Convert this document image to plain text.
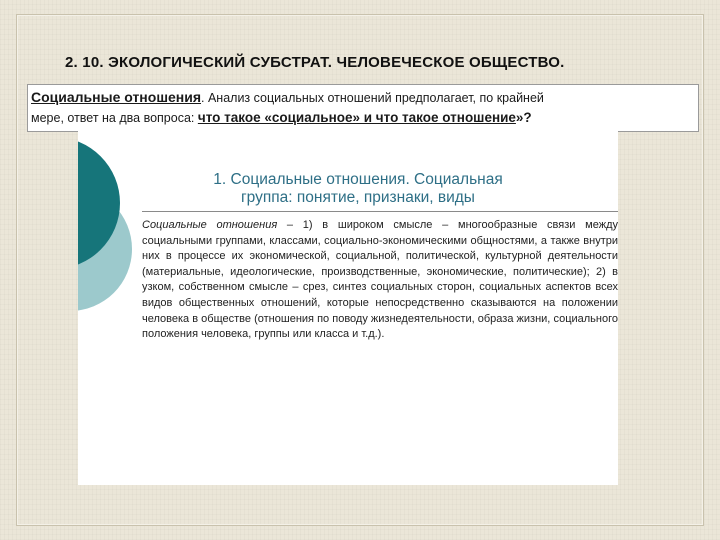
2. 10. ЭКОЛОГИЧЕСКИЙ СУБСТРАТ. ЧЕЛОВЕЧЕСКОЕ ОБЩЕСТВО.
Социальные отношения. Анализ социальных отношений предполагает, по крайней
мере, ответ на два вопроса: что такое «социальное» и что такое отношение»?
1. Социальные отношения. Социальная
группа: понятие, признаки, виды
Социальные отношения – 1) в широком смысле – многообразные связи между социальными группами, классами, социально-экономическими общностями, а также внутри них в процессе их экономической, социальной, политической, культурной деятельности (материальные, идеологические, производственные, экономические, политические); 2) в узком, собственном смысле – срез, синтез социальных сторон, социальных аспектов всех видов общественных отношений, которые непосредственно сказываются на положении человека в обществе (отношения по поводу жизнедеятельности, образа жизни, социального положения человека, группы или класса и т.д.).
